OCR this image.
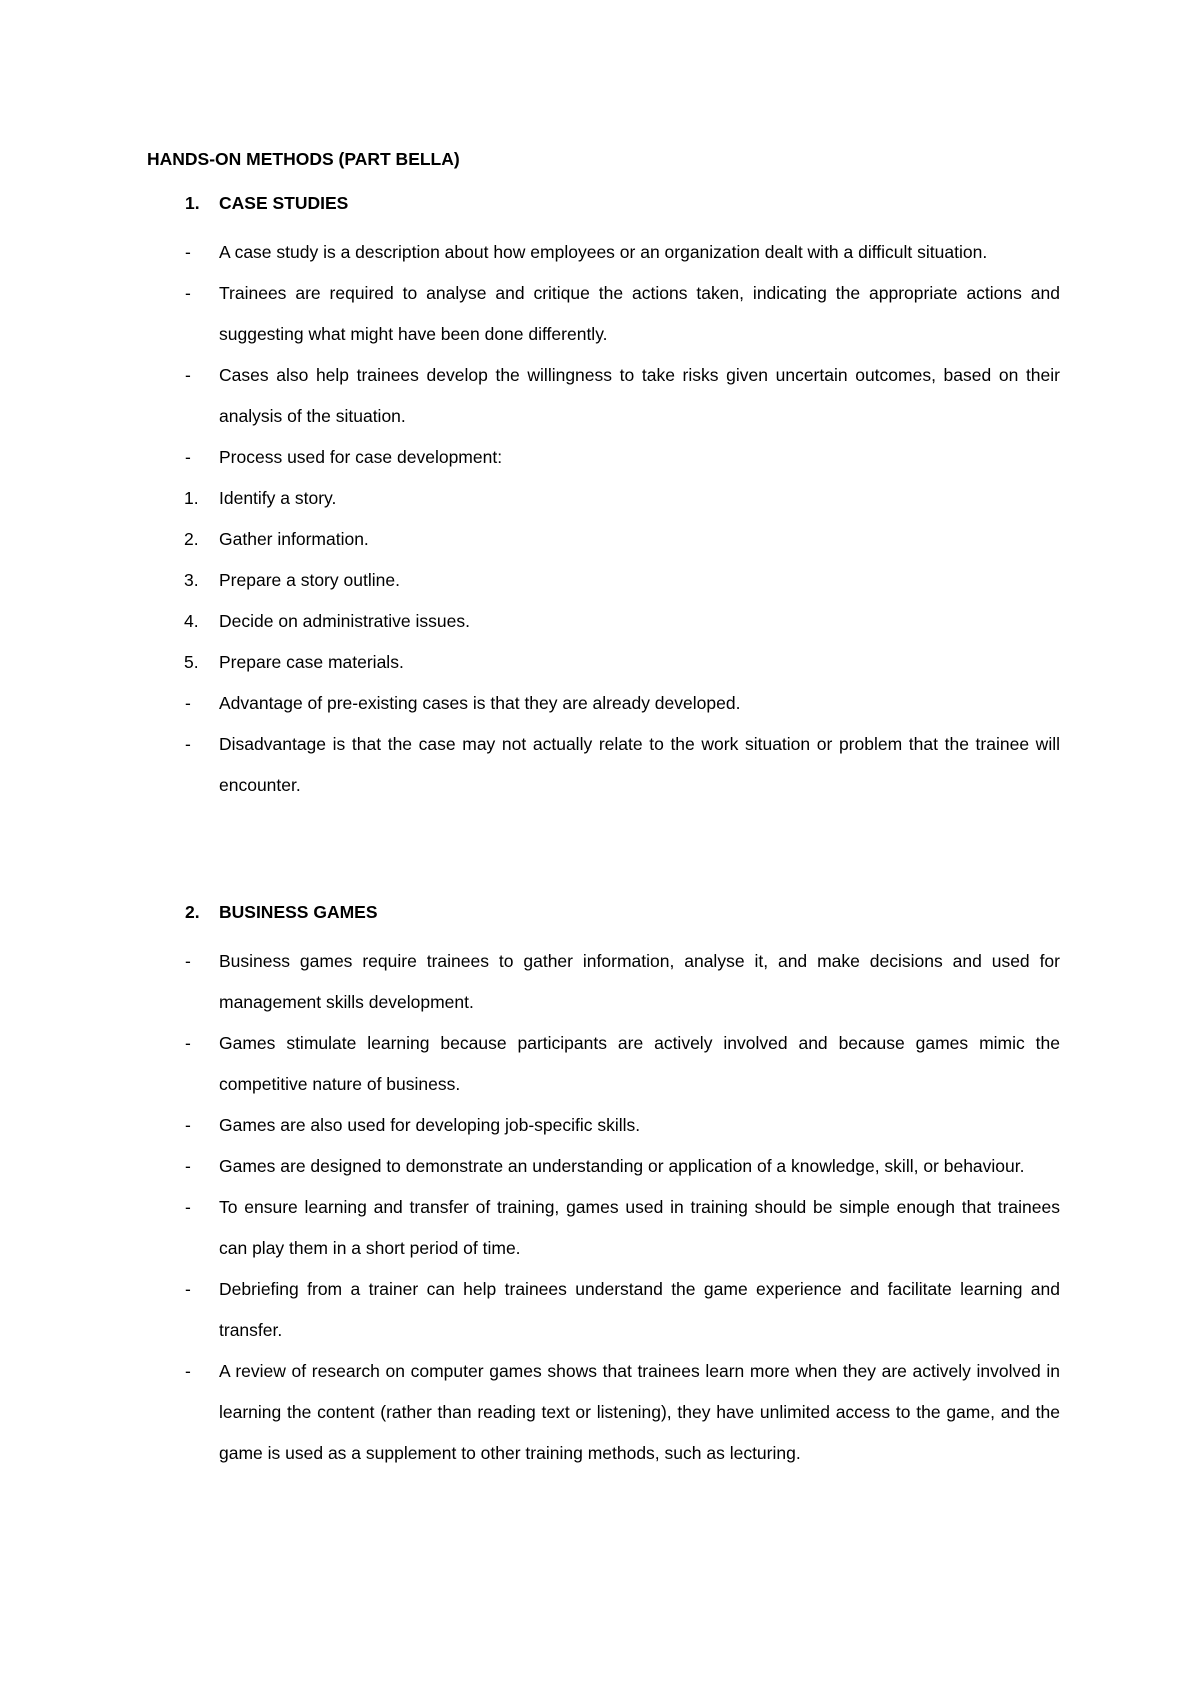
HANDS-ON METHODS (PART BELLA)
1. CASE STUDIES
- A case study is a description about how employees or an organization dealt with a difficult situation.
- Trainees are required to analyse and critique the actions taken, indicating the appropriate actions and suggesting what might have been done differently.
- Cases also help trainees develop the willingness to take risks given uncertain outcomes, based on their analysis of the situation.
- Process used for case development:
1. Identify a story.
2. Gather information.
3. Prepare a story outline.
4. Decide on administrative issues.
5. Prepare case materials.
- Advantage of pre-existing cases is that they are already developed.
- Disadvantage is that the case may not actually relate to the work situation or problem that the trainee will encounter.
2. BUSINESS GAMES
- Business games require trainees to gather information, analyse it, and make decisions and used for management skills development.
- Games stimulate learning because participants are actively involved and because games mimic the competitive nature of business.
- Games are also used for developing job-specific skills.
- Games are designed to demonstrate an understanding or application of a knowledge, skill, or behaviour.
- To ensure learning and transfer of training, games used in training should be simple enough that trainees can play them in a short period of time.
- Debriefing from a trainer can help trainees understand the game experience and facilitate learning and transfer.
- A review of research on computer games shows that trainees learn more when they are actively involved in learning the content (rather than reading text or listening), they have unlimited access to the game, and the game is used as a supplement to other training methods, such as lecturing.
